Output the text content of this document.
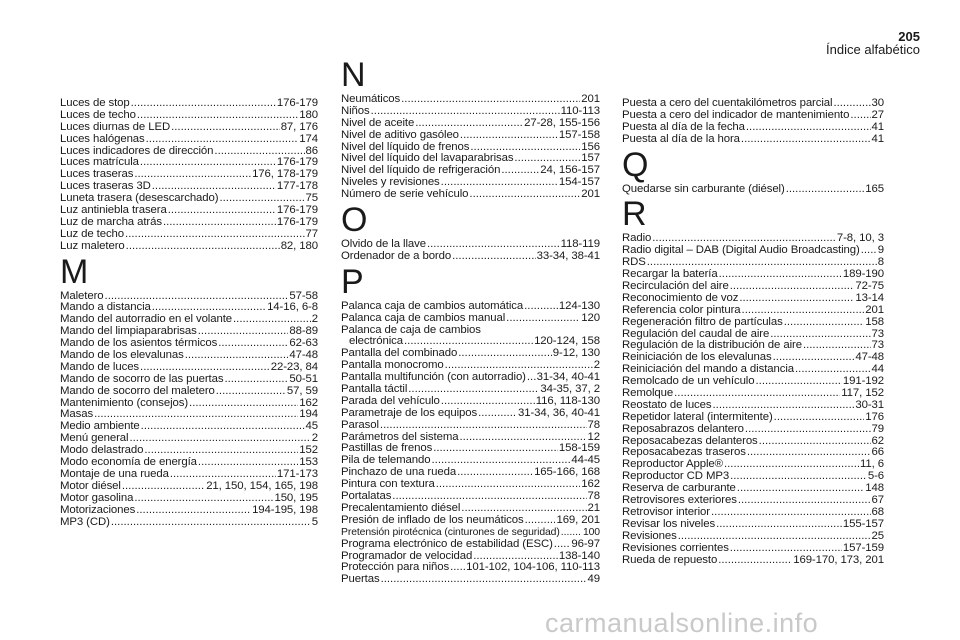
205
Índice alfabético
Luces de stop .....	176-179
Luces de techo .....	180
Luces diurnas de LED .....	87, 176
Luces halógenas .....	174
Luces indicadores de dirección .....	86
Luces matrícula .....	176-179
Luces traseras .....	176, 178-179
Luces traseras 3D .....	177-178
Luneta trasera (desescarchado) .....	75
Luz antiniebla trasera .....	176-179
Luz de marcha atrás .....	176-179
Luz de techo .....	77
Luz maletero .....	82, 180
M
Maletero .....	57-58
Mando a distancia .....	14-16, 6-8
Mando del autorradio en el volante .....	2
Mando del limpiaparabrisas .....	88-89
Mando de los asientos térmicos .....	62-63
Mando de los elevalunas .....	47-48
Mando de luces .....	22-23, 84
Mando de socorro de las puertas .....	50-51
Mando de socorro del maletero .....	57, 59
Mantenimiento (consejos) .....	162
Masas .....	194
Medio ambiente .....	45
Menú general .....	2
Modo delastrado .....	152
Modo economía de energía .....	153
Montaje de una rueda .....	171-173
Motor diésel .....	21, 150, 154, 165, 198
Motor gasolina .....	150, 195
Motorizaciones .....	194-195, 198
MP3 (CD) .....	5
N
Neumáticos .....	201
Niños .....	110-113
Nivel de aceite .....	27-28, 155-156
Nivel de aditivo gasóleo .....	157-158
Nivel del líquido de frenos .....	156
Nivel del líquido del lavaparabrisas .....	157
Nivel del líquido de refrigeración .....	24, 156-157
Niveles y revisiones .....	154-157
Número de serie vehículo .....	201
O
Olvido de la llave .....	118-119
Ordenador de a bordo .....	33-34, 38-41
P
Palanca caja de cambios automática .....	124-130
Palanca caja de cambios manual .....	120
Palanca de caja de cambios
electrónica .....	120-124, 158
Pantalla del combinado .....	9-12, 130
Pantalla monocromo .....	2
Pantalla multifunción (con autorradio) ..... 31-34, 40-41
Pantalla táctil .....	34-35, 37, 2
Parada del vehículo .....	116, 118-130
Parametraje de los equipos .....	31-34, 36, 40-41
Parasol .....	78
Parámetros del sistema .....	12
Pastillas de frenos .....	158-159
Pila de telemando .....	44-45
Pinchazo de una rueda .....	165-166, 168
Pintura con textura .....	162
Portalatas .....	78
Precalentamiento diésel .....	21
Presión de inflado de los neumáticos .....	169, 201
Pretensión pirotécnica (cinturones de seguridad) ..... 100
Programa electrónico de estabilidad (ESC) ..... 96-97
Programador de velocidad .....	138-140
Protección para niños ..... 101-102, 104-106, 110-113
Puertas .....	49
Puesta a cero del cuentakilómetros parcial .....	30
Puesta a cero del indicador de mantenimiento ..... 27
Puesta al día de la fecha .....	41
Puesta al día de la hora .....	41
Q
Quedarse sin carburante (diésel) .....	165
R
Radio .....	7-8, 10, 3
Radio digital – DAB (Digital Audio Broadcasting) ..... 9
RDS .....	8
Recargar la batería .....	189-190
Recirculación del aire .....	72-75
Reconocimiento de voz .....	13-14
Referencia color pintura .....	201
Regeneración filtro de partículas .....	158
Regulación del caudal de aire .....	73
Regulación de la distribución de aire .....	73
Reiniciación de los elevalunas .....	47-48
Reiniciación del mando a distancia .....	44
Remolcado de un vehículo .....	191-192
Remolque .....	117, 152
Reostato de luces .....	30-31
Repetidor lateral (intermitente) .....	176
Reposabrazos delantero .....	79
Reposacabezas delanteros .....	62
Reposacabezas traseros .....	66
Reproductor Apple® .....	11, 6
Reproductor CD MP3 .....	5-6
Reserva de carburante .....	148
Retrovisores exteriores .....	67
Retrovisor interior .....	68
Revisar los niveles .....	155-157
Revisiones .....	25
Revisiones corrientes .....	157-159
Rueda de repuesto .....	169-170, 173, 201
carmanualsonline.info
